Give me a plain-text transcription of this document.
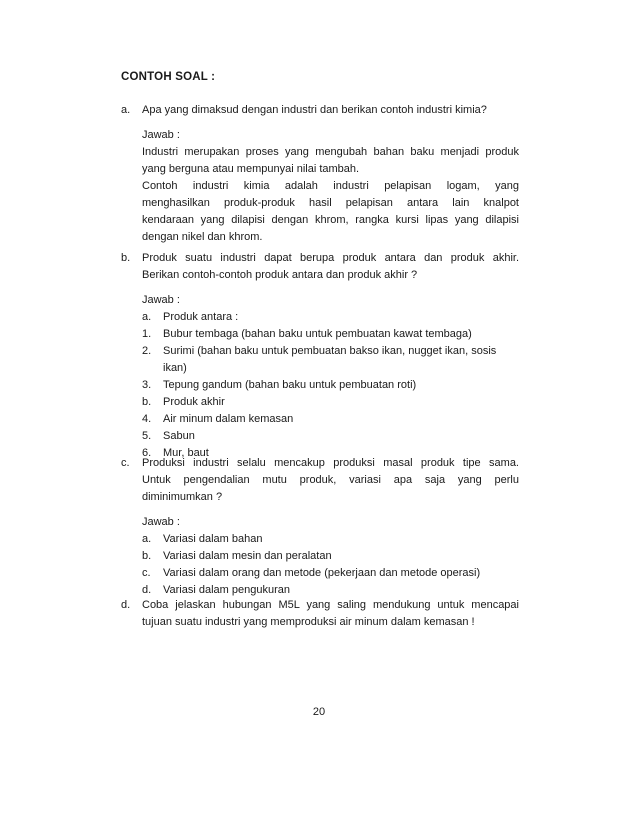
CONTOH SOAL :
a. Apa yang dimaksud dengan industri dan berikan contoh industri kimia?
Jawab :
Industri merupakan proses yang mengubah bahan baku menjadi produk
yang berguna atau mempunyai nilai tambah.
Contoh industri kimia adalah industri pelapisan logam, yang
menghasilkan produk-produk hasil pelapisan antara lain knalpot
kendaraan yang dilapisi dengan khrom, rangka kursi lipas yang dilapisi
dengan nikel dan khrom.
b. Produk suatu industri dapat berupa produk antara dan produk akhir.
Berikan contoh-contoh produk antara dan produk akhir ?
Jawab :
a.	Produk antara :
1.	Bubur tembaga (bahan baku untuk pembuatan kawat tembaga)
2.	Surimi (bahan baku untuk pembuatan bakso ikan, nugget ikan, sosis
ikan)
3.	Tepung gandum (bahan baku untuk pembuatan roti)
b.	Produk akhir
4.	Air minum dalam kemasan
5.	Sabun
6.	Mur, baut
c. Produksi industri selalu mencakup produksi masal produk tipe sama.
Untuk pengendalian mutu produk, variasi apa saja yang perlu
diminimumkan ?
Jawab :
a.	Variasi dalam bahan
b.	Variasi dalam mesin dan peralatan
c.	Variasi dalam orang dan metode (pekerjaan dan metode operasi)
d.	Variasi dalam pengukuran
d. Coba jelaskan hubungan M5L yang saling mendukung untuk mencapai
tujuan suatu industri yang memproduksi air minum dalam kemasan !
20
